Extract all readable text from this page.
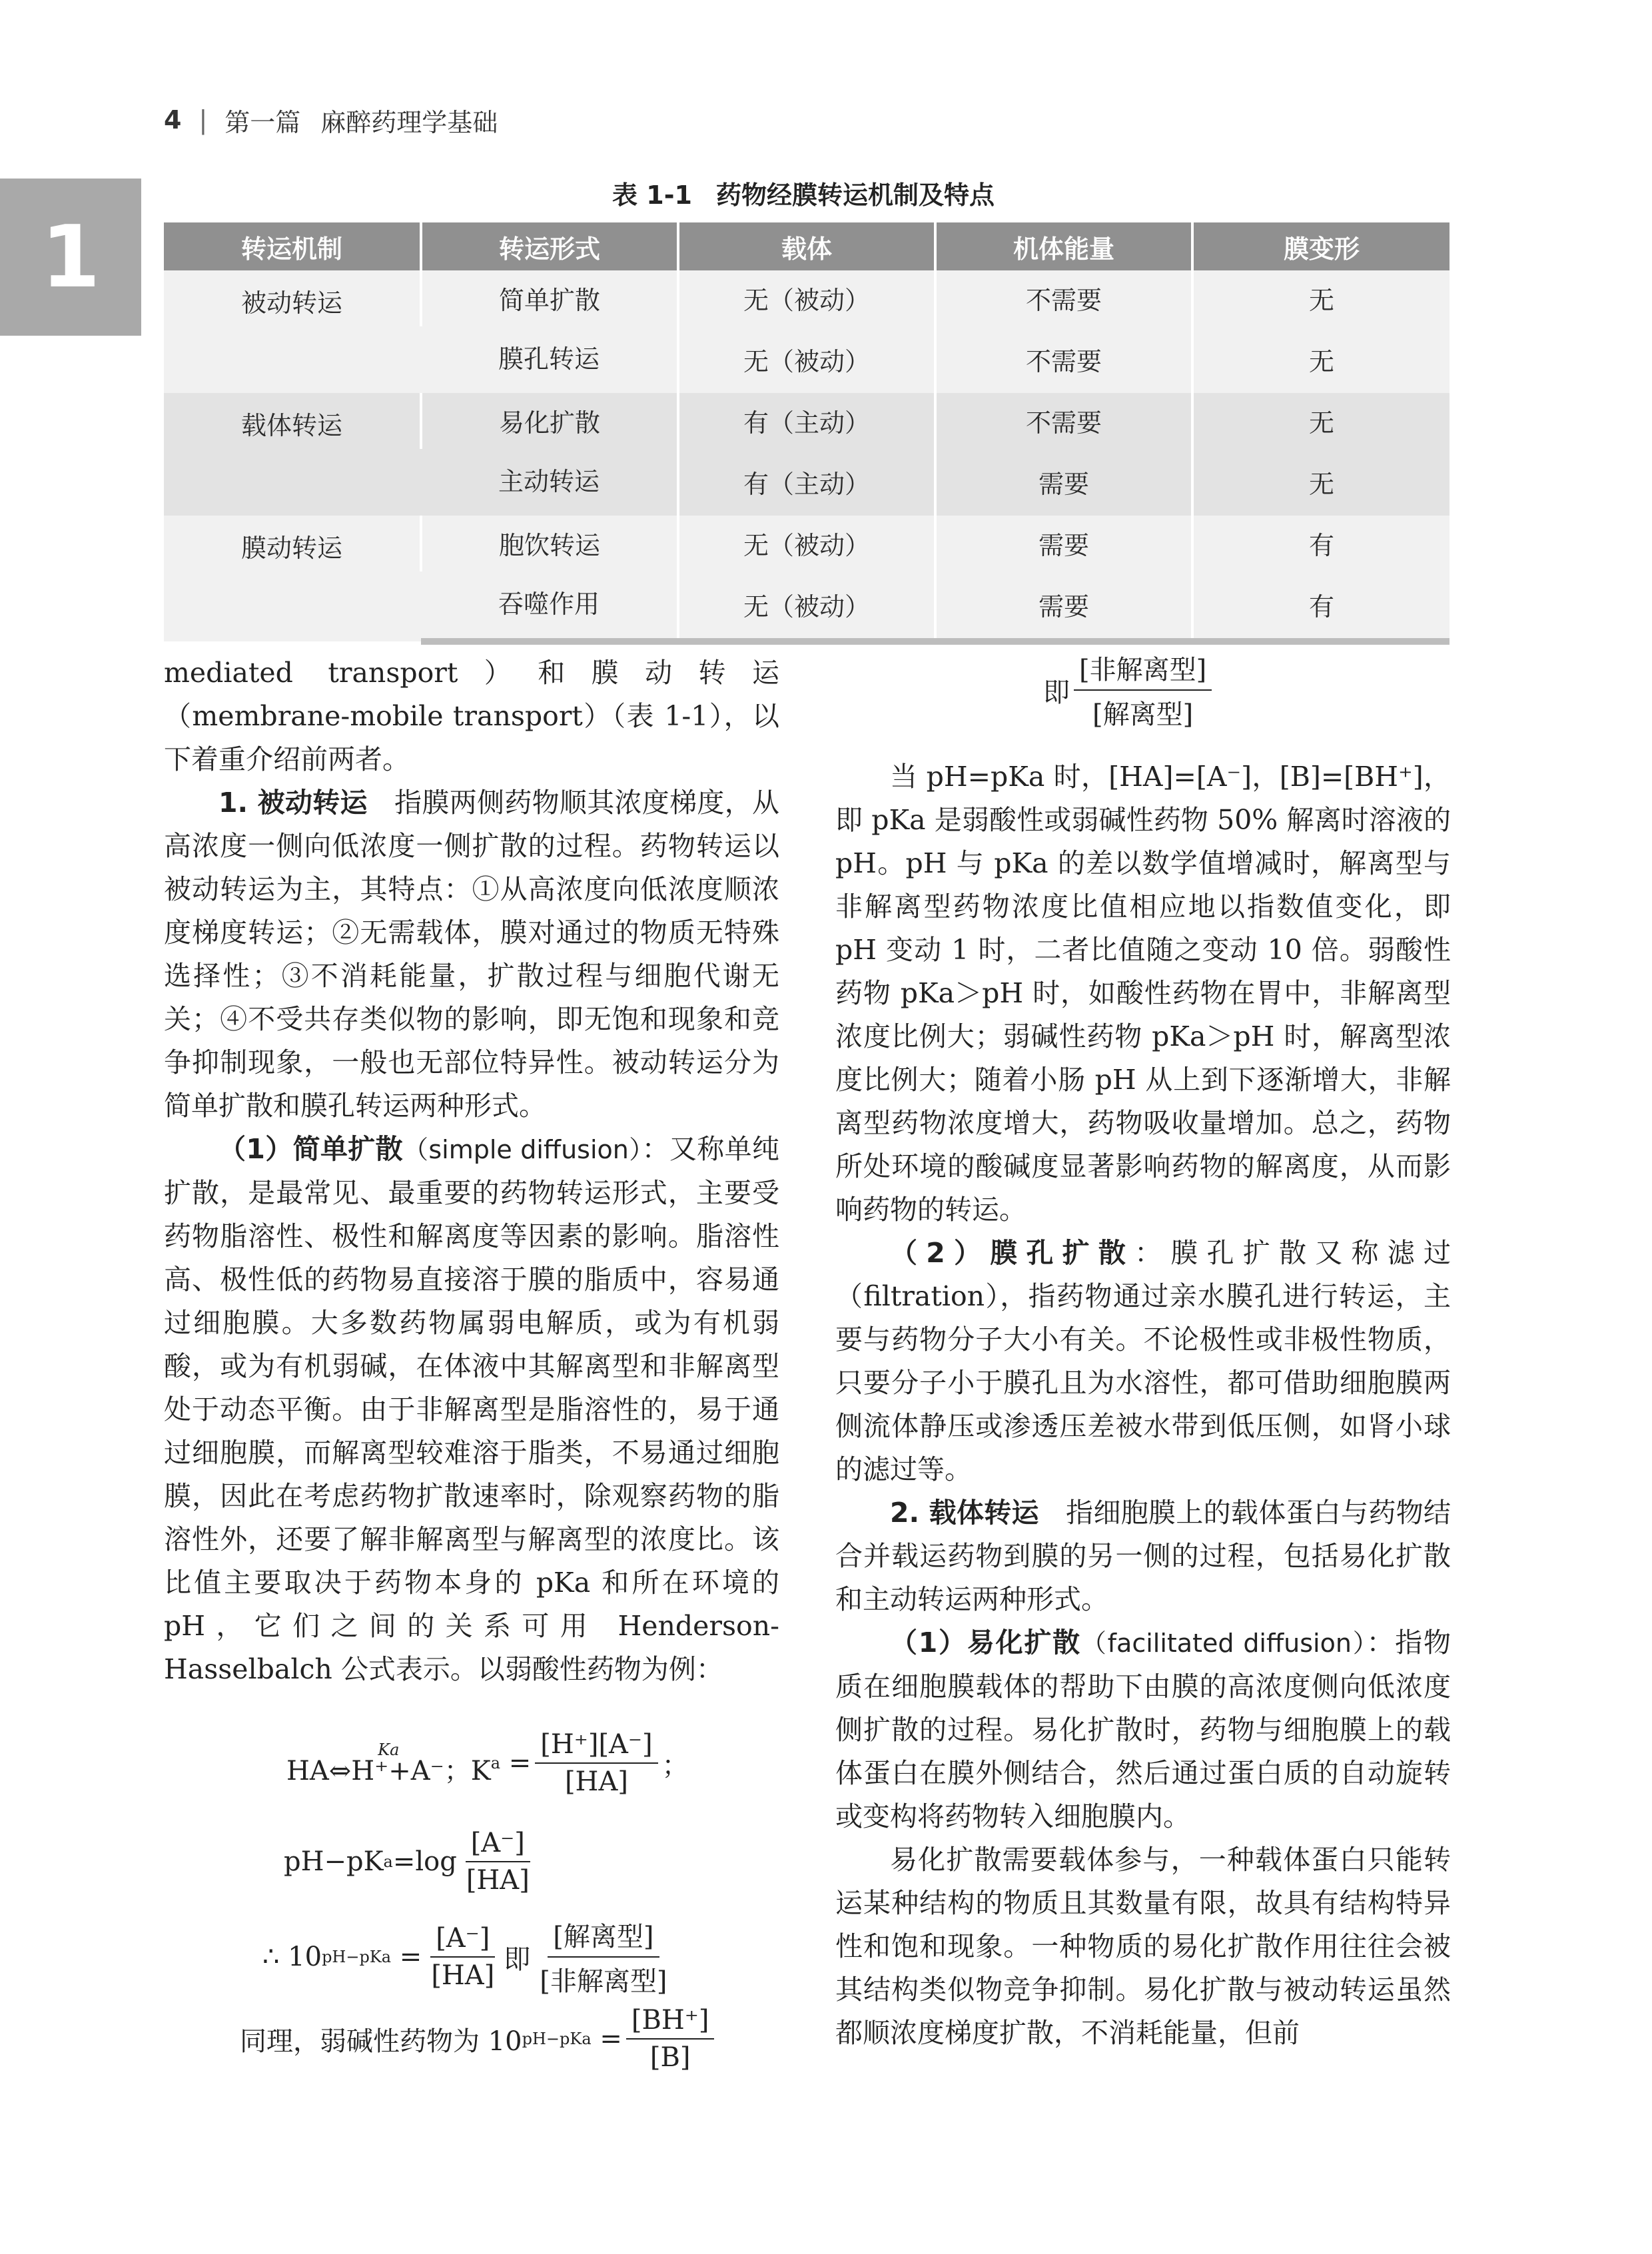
4 | 第一篇 麻醉药理学基础
1
表 1-1 药物经膜转运机制及特点
转运机制	转运形式	载体	机体能量	膜变形
被动转运	简单扩散	无（被动）	不需要	无
	膜孔转运	无（被动）	不需要	无
载体转运	易化扩散	有（主动）	不需要	无
	主动转运	有（主动）	需要	无
膜动转运	胞饮转运	无（被动）	需要	有
	吞噬作用	无（被动）	需要	有

mediated transport）和膜动转运（membrane-mobile transport）（表 1-1），以下着重介绍前两者。

1. 被动转运 指膜两侧药物顺其浓度梯度，从高浓度一侧向低浓度一侧扩散的过程。药物转运以被动转运为主，其特点：①从高浓度向低浓度顺浓度梯度转运；②无需载体，膜对通过的物质无特殊选择性；③不消耗能量，扩散过程与细胞代谢无关；④不受共存类似物的影响，即无饱和现象和竞争抑制现象，一般也无部位特异性。被动转运分为简单扩散和膜孔转运两种形式。

（1）简单扩散（simple diffusion）：又称单纯扩散，是最常见、最重要的药物转运形式，主要受药物脂溶性、极性和解离度等因素的影响。脂溶性高、极性低的药物易直接溶于膜的脂质中，容易通过细胞膜。大多数药物属弱电解质，或为有机弱酸，或为有机弱碱，在体液中其解离型和非解离型处于动态平衡。由于非解离型是脂溶性的，易于通过细胞膜，而解离型较难溶于脂类，不易通过细胞膜，因此在考虑药物扩散速率时，除观察药物的脂溶性外，还要了解非解离型与解离型的浓度比。该比值主要取决于药物本身的 pKa 和所在环境的 pH，它们之间的关系可用 Henderson-Hasselbalch 公式表示。以弱酸性药物为例：

Ka
HA⇔H⁺+A⁻；K $a = \frac{[H^+][A^-]}{[HA]}$ ；
pH−pK $a =\log \frac{[A^-]}{[HA]}$
∴ 10 $pH-pKa = \frac{[A^-]}{[HA]}$ 即 $\frac{\text{[解离型]}}{\text{[非解离型]}}$
同理，弱碱性药物为 10 $pH-pKa = \frac{[BH^+]}{[B]}$
即 $\frac{\text{[非解离型]}}{\text{[解离型]}}$

当 pH=pKa 时，[HA]=[A⁻]，[B]=[BH⁺]，即 pKa 是弱酸性或弱碱性药物 50% 解离时溶液的 pH。pH 与 pKa 的差以数学值增减时，解离型与非解离型药物浓度比值相应地以指数值变化，即 pH 变动 1 时，二者比值随之变动 10 倍。弱酸性药物 pKa＞pH 时，如酸性药物在胃中，非解离型浓度比例大；弱碱性药物 pKa＞pH 时，解离型浓度比例大；随着小肠 pH 从上到下逐渐增大，非解离型药物浓度增大，药物吸收量增加。总之，药物所处环境的酸碱度显著影响药物的解离度，从而影响药物的转运。

（2）膜孔扩散：膜孔扩散又称滤过（filtration），指药物通过亲水膜孔进行转运，主要与药物分子大小有关。不论极性或非极性物质，只要分子小于膜孔且为水溶性，都可借助细胞膜两侧流体静压或渗透压差被水带到低压侧，如肾小球的滤过等。

2. 载体转运 指细胞膜上的载体蛋白与药物结合并载运药物到膜的另一侧的过程，包括易化扩散和主动转运两种形式。

（1）易化扩散（facilitated diffusion）：指物质在细胞膜载体的帮助下由膜的高浓度侧向低浓度侧扩散的过程。易化扩散时，药物与细胞膜上的载体蛋白在膜外侧结合，然后通过蛋白质的自动旋转或变构将药物转入细胞膜内。

易化扩散需要载体参与，一种载体蛋白只能转运某种结构的物质且其数量有限，故具有结构特异性和饱和现象。一种物质的易化扩散作用往往会被其结构类似物竞争抑制。易化扩散与被动转运虽然都顺浓度梯度扩散，不消耗能量，但前
